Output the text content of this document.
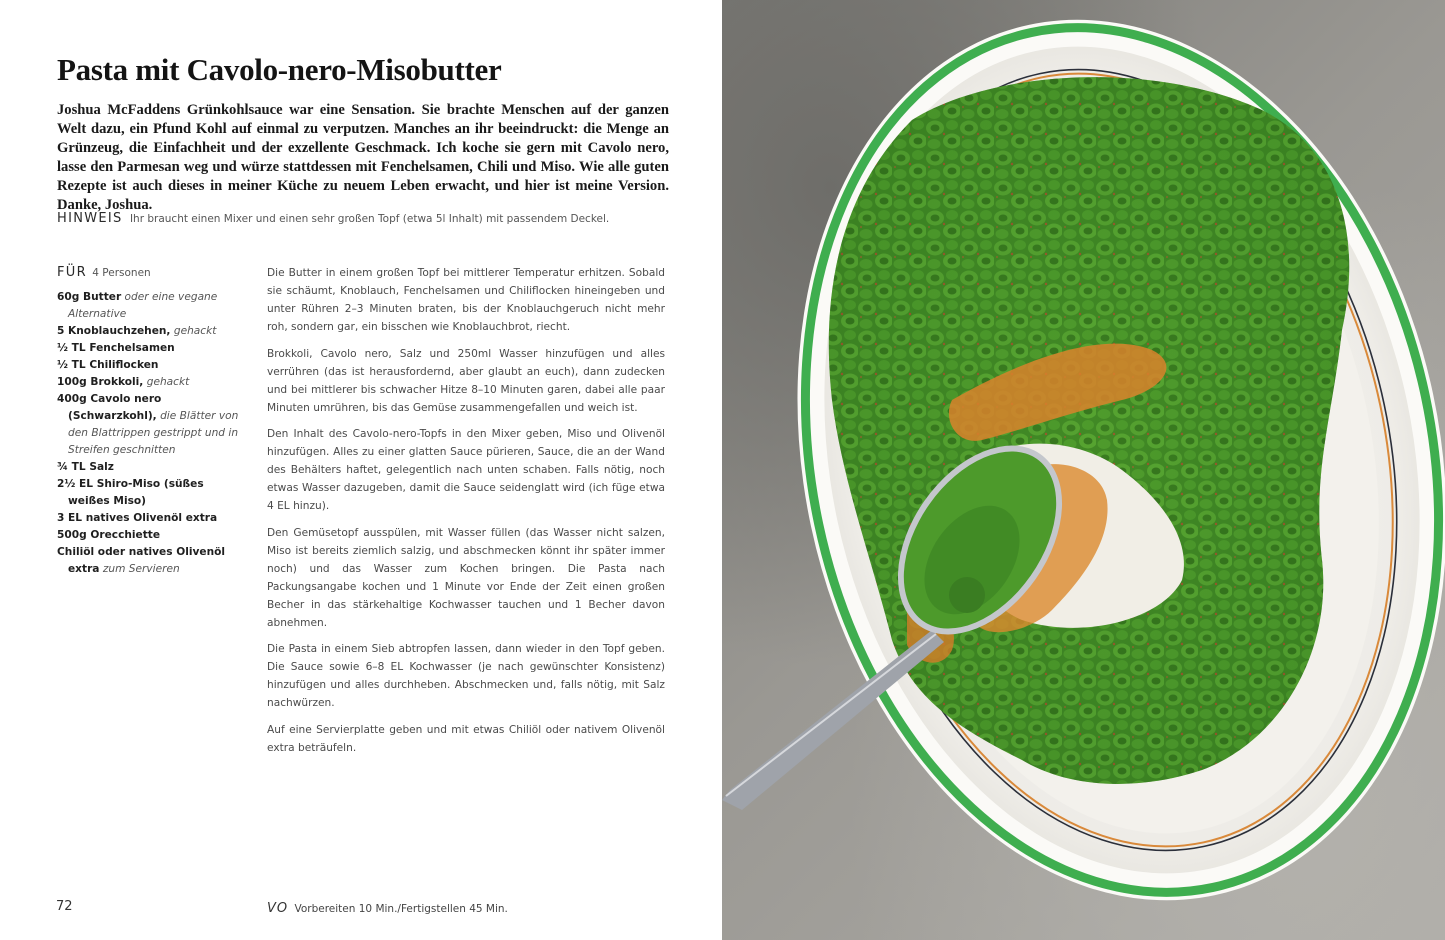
Pasta mit Cavolo-nero-Misobutter

Joshua McFaddens Grünkohlsauce war eine Sensation. Sie brachte Menschen auf der ganzen Welt dazu, ein Pfund Kohl auf einmal zu verputzen. Manches an ihr beeindruckt: die Menge an Grünzeug, die Einfachheit und der exzellente Geschmack. Ich koche sie gern mit Cavolo nero, lasse den Parmesan weg und würze stattdessen mit Fenchelsamen, Chili und Miso. Wie alle guten Rezepte ist auch dieses in meiner Küche zu neuem Leben erwacht, und hier ist meine Version. Danke, Joshua.

HINWEIS Ihr braucht einen Mixer und einen sehr großen Topf (etwa 5l Inhalt) mit passendem Deckel.
FÜR 4 Personen
60g Butter oder eine vegane Alternative
5 Knoblauchzehen, gehackt
½ TL Fenchelsamen
½ TL Chiliflocken
100g Brokkoli, gehackt
400g Cavolo nero (Schwarzkohl), die Blätter von den Blattrippen gestrippt und in Streifen geschnitten
¾ TL Salz
2½ EL Shiro-Miso (süßes weißes Miso)
3 EL natives Olivenöl extra
500g Orecchiette
Chiliöl oder natives Olivenöl extra zum Servieren

Die Butter in einem großen Topf bei mittlerer Temperatur erhitzen. Sobald sie schäumt, Knoblauch, Fenchelsamen und Chiliflocken hineingeben und unter Rühren 2–3 Minuten braten, bis der Knoblauchgeruch nicht mehr roh, sondern gar, ein bisschen wie Knoblauchbrot, riecht.

Brokkoli, Cavolo nero, Salz und 250ml Wasser hinzufügen und alles verrühren (das ist herausfordernd, aber glaubt an euch), dann zudecken und bei mittlerer bis schwacher Hitze 8–10 Minuten garen, dabei alle paar Minuten umrühren, bis das Gemüse zusammengefallen und weich ist.

Den Inhalt des Cavolo-nero-Topfs in den Mixer geben, Miso und Olivenöl hinzufügen. Alles zu einer glatten Sauce pürieren, Sauce, die an der Wand des Behälters haftet, gelegentlich nach unten schaben. Falls nötig, noch etwas Wasser dazugeben, damit die Sauce seidenglatt wird (ich füge etwa 4 EL hinzu).

Den Gemüsetopf ausspülen, mit Wasser füllen (das Wasser nicht salzen, Miso ist bereits ziemlich salzig, und abschmecken könnt ihr später immer noch) und das Wasser zum Kochen bringen. Die Pasta nach Packungsangabe kochen und 1 Minute vor Ende der Zeit einen großen Becher in das stärkehaltige Kochwasser tauchen und 1 Becher davon abnehmen.

Die Pasta in einem Sieb abtropfen lassen, dann wieder in den Topf geben. Die Sauce sowie 6–8 EL Kochwasser (je nach gewünschter Konsistenz) hinzufügen und alles durchheben. Abschmecken und, falls nötig, mit Salz nachwürzen.

Auf eine Servierplatte geben und mit etwas Chiliöl oder nativem Olivenöl extra beträufeln.

72	VO Vorbereiten 10 Min./Fertigstellen 45 Min.
